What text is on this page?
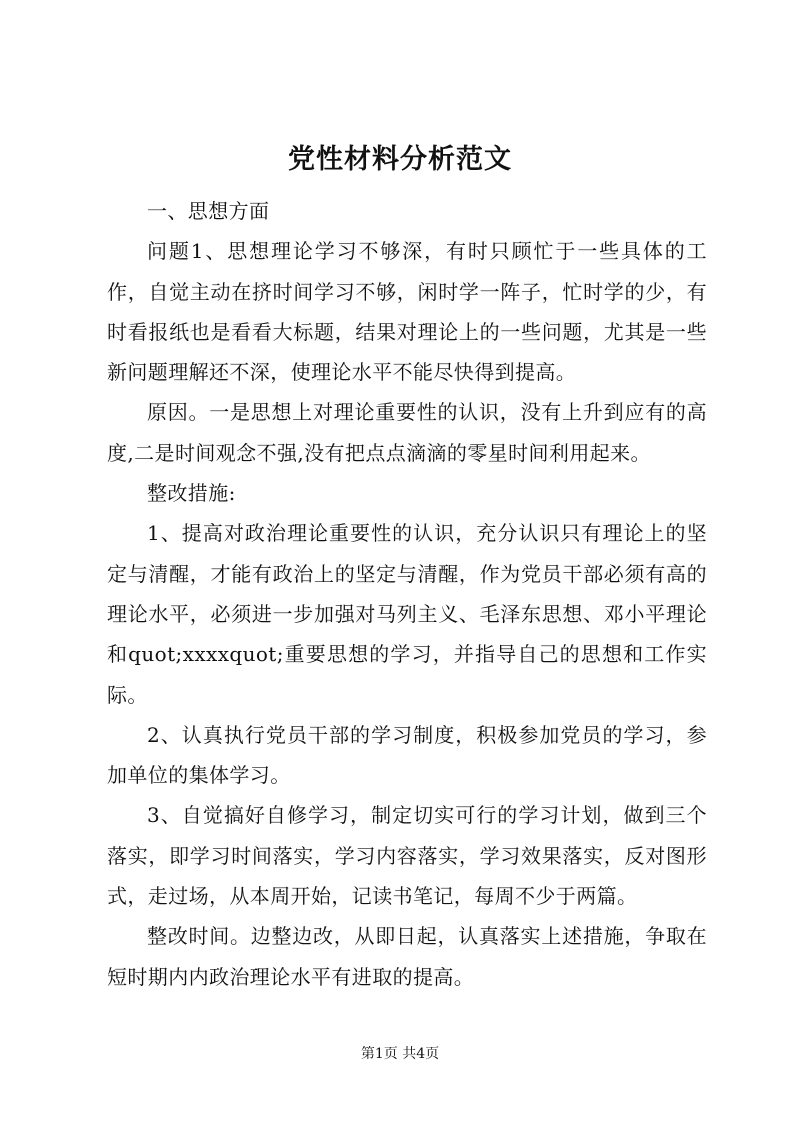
党性材料分析范文

一、思想方面

问题1、思想理论学习不够深，有时只顾忙于一些具体的工作，自觉主动在挤时间学习不够，闲时学一阵子，忙时学的少，有时看报纸也是看看大标题，结果对理论上的一些问题，尤其是一些新问题理解还不深，使理论水平不能尽快得到提高。

原因。一是思想上对理论重要性的认识，没有上升到应有的高度,二是时间观念不强,没有把点点滴滴的零星时间利用起来。

整改措施:

1、提高对政治理论重要性的认识，充分认识只有理论上的坚定与清醒，才能有政治上的坚定与清醒，作为党员干部必须有高的理论水平，必须进一步加强对马列主义、毛泽东思想、邓小平理论和quot;xxxxquot;重要思想的学习，并指导自己的思想和工作实际。

2、认真执行党员干部的学习制度，积极参加党员的学习，参加单位的集体学习。

3、自觉搞好自修学习，制定切实可行的学习计划，做到三个落实，即学习时间落实，学习内容落实，学习效果落实，反对图形式，走过场，从本周开始，记读书笔记，每周不少于两篇。

整改时间。边整边改，从即日起，认真落实上述措施，争取在短时期内内政治理论水平有进取的提高。

第1页 共4页
